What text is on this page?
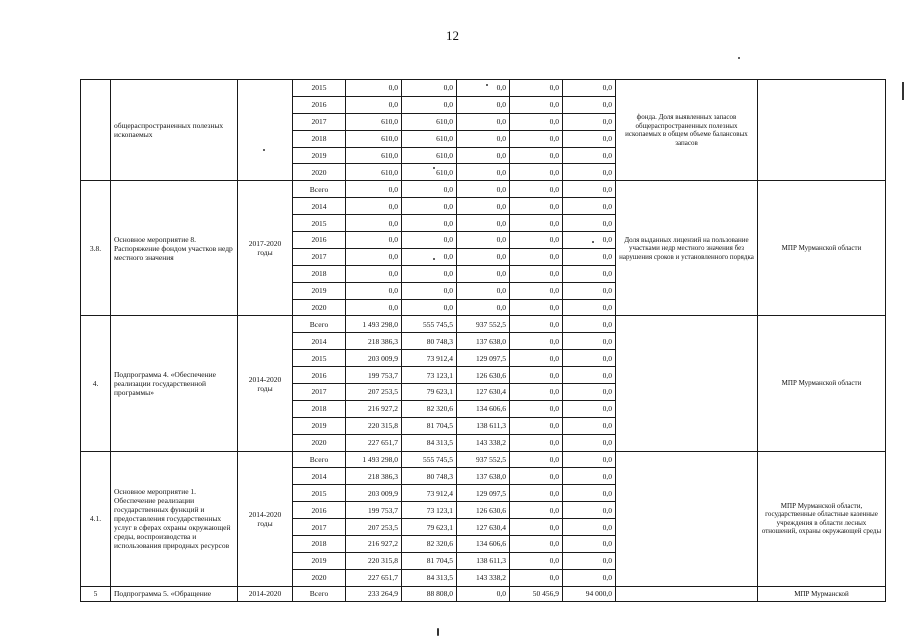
12
	общераспространенных полезных ископаемых		2015	0,0	0,0	0,0	0,0	0,0	фонда. Доля выявленных запасов общераспространенных полезных ископаемых в общем объеме балансовых запасов	
			2016	0,0	0,0	0,0	0,0	0,0		
			2017	610,0	610,0	0,0	0,0	0,0		
			2018	610,0	610,0	0,0	0,0	0,0		
			2019	610,0	610,0	0,0	0,0	0,0		
			2020	610,0	610,0	0,0	0,0	0,0		
3.8.	Основное мероприятие 8. Распоряжение фондом участков недр местного значения	2017-2020 годы	Всего	0,0	0,0	0,0	0,0	0,0	Доля выданных лицензий на пользование участками недр местного значения без нарушения сроков и установленного порядка	МПР Мурманской области
			2014	0,0	0,0	0,0	0,0	0,0		
			2015	0,0	0,0	0,0	0,0	0,0		
			2016	0,0	0,0	0,0	0,0	0,0		
			2017	0,0	0,0	0,0	0,0	0,0		
			2018	0,0	0,0	0,0	0,0	0,0		
			2019	0,0	0,0	0,0	0,0	0,0		
			2020	0,0	0,0	0,0	0,0	0,0		
4.	Подпрограмма 4. «Обеспечение реализации государственной программы»	2014-2020 годы	Всего	1 493 298,0	555 745,5	937 552,5	0,0	0,0		МПР Мурманской области
			2014	218 386,3	80 748,3	137 638,0	0,0	0,0		
			2015	203 009,9	73 912,4	129 097,5	0,0	0,0		
			2016	199 753,7	73 123,1	126 630,6	0,0	0,0		
			2017	207 253,5	79 623,1	127 630,4	0,0	0,0		
			2018	216 927,2	82 320,6	134 606,6	0,0	0,0		
			2019	220 315,8	81 704,5	138 611,3	0,0	0,0		
			2020	227 651,7	84 313,5	143 338,2	0,0	0,0		
4.1.	Основное мероприятие 1. Обеспечение реализации государственных функций и предоставления государственных услуг в сферах охраны окружающей среды, воспроизводства и использования природных ресурсов	2014-2020 годы	Всего	1 493 298,0	555 745,5	937 552,5	0,0	0,0		МПР Мурманской области, государственные областные казенные учреждения в области лесных отношений, охраны окружающей среды
			2014	218 386,3	80 748,3	137 638,0	0,0	0,0		
			2015	203 009,9	73 912,4	129 097,5	0,0	0,0		
			2016	199 753,7	73 123,1	126 630,6	0,0	0,0		
			2017	207 253,5	79 623,1	127 630,4	0,0	0,0		
			2018	216 927,2	82 320,6	134 606,6	0,0	0,0		
			2019	220 315,8	81 704,5	138 611,3	0,0	0,0		
			2020	227 651,7	84 313,5	143 338,2	0,0	0,0		
5	Подпрограмма 5. «Обращение	2014-2020	Всего	233 264,9	88 808,0	0,0	50 456,9	94 000,0		МПР Мурманской
